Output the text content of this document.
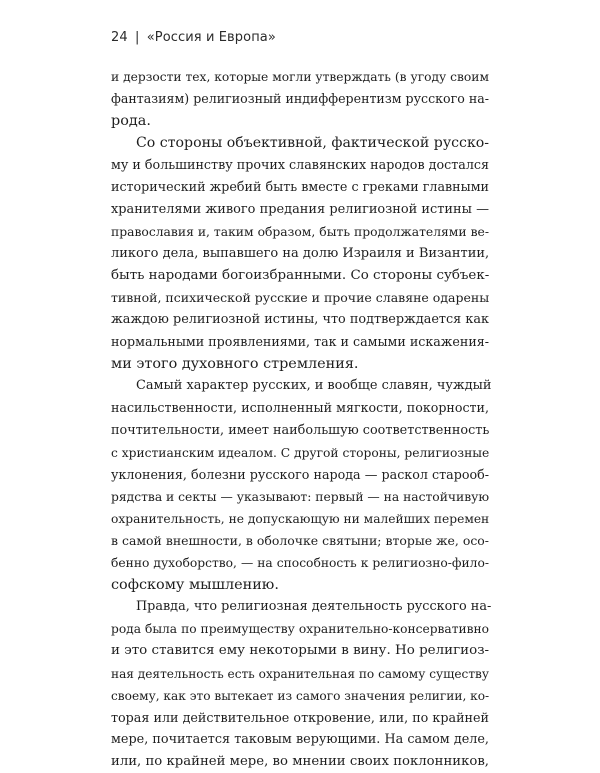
24 | «Россия и Европа»
и дерзости тех, которые могли утверждать (в угоду своим
фантазиям) религиозный индифферентизм русского на-
рода.
Со стороны объективной, фактической русско-
му и большинству прочих славянских народов достался
исторический жребий быть вместе с греками главными
хранителями живого предания религиозной истины —
православия и, таким образом, быть продолжателями ве-
ликого дела, выпавшего на долю Израиля и Византии,
быть народами богоизбранными. Со стороны субъек-
тивной, психической русские и прочие славяне одарены
жаждою религиозной истины, что подтверждается как
нормальными проявлениями, так и самыми искажения-
ми этого духовного стремления.
Самый характер русских, и вообще славян, чуждый
насильственности, исполненный мягкости, покорности,
почтительности, имеет наибольшую соответственность
с христианским идеалом. С другой стороны, религиозные
уклонения, болезни русского народа — раскол старооб-
рядства и секты — указывают: первый — на настойчивую
охранительность, не допускающую ни малейших перемен
в самой внешности, в оболочке святыни; вторые же, осо-
бенно духоборство, — на способность к религиозно-фило-
софскому мышлению.
Правда, что религиозная деятельность русского на-
рода была по преимуществу охранительно-консервативно
и это ставится ему некоторыми в вину. Но религиоз-
ная деятельность есть охранительная по самому существу
своему, как это вытекает из самого значения религии, ко-
торая или действительное откровение, или, по крайней
мере, почитается таковым верующими. На самом деле,
или, по крайней мере, во мнении своих поклонников,
